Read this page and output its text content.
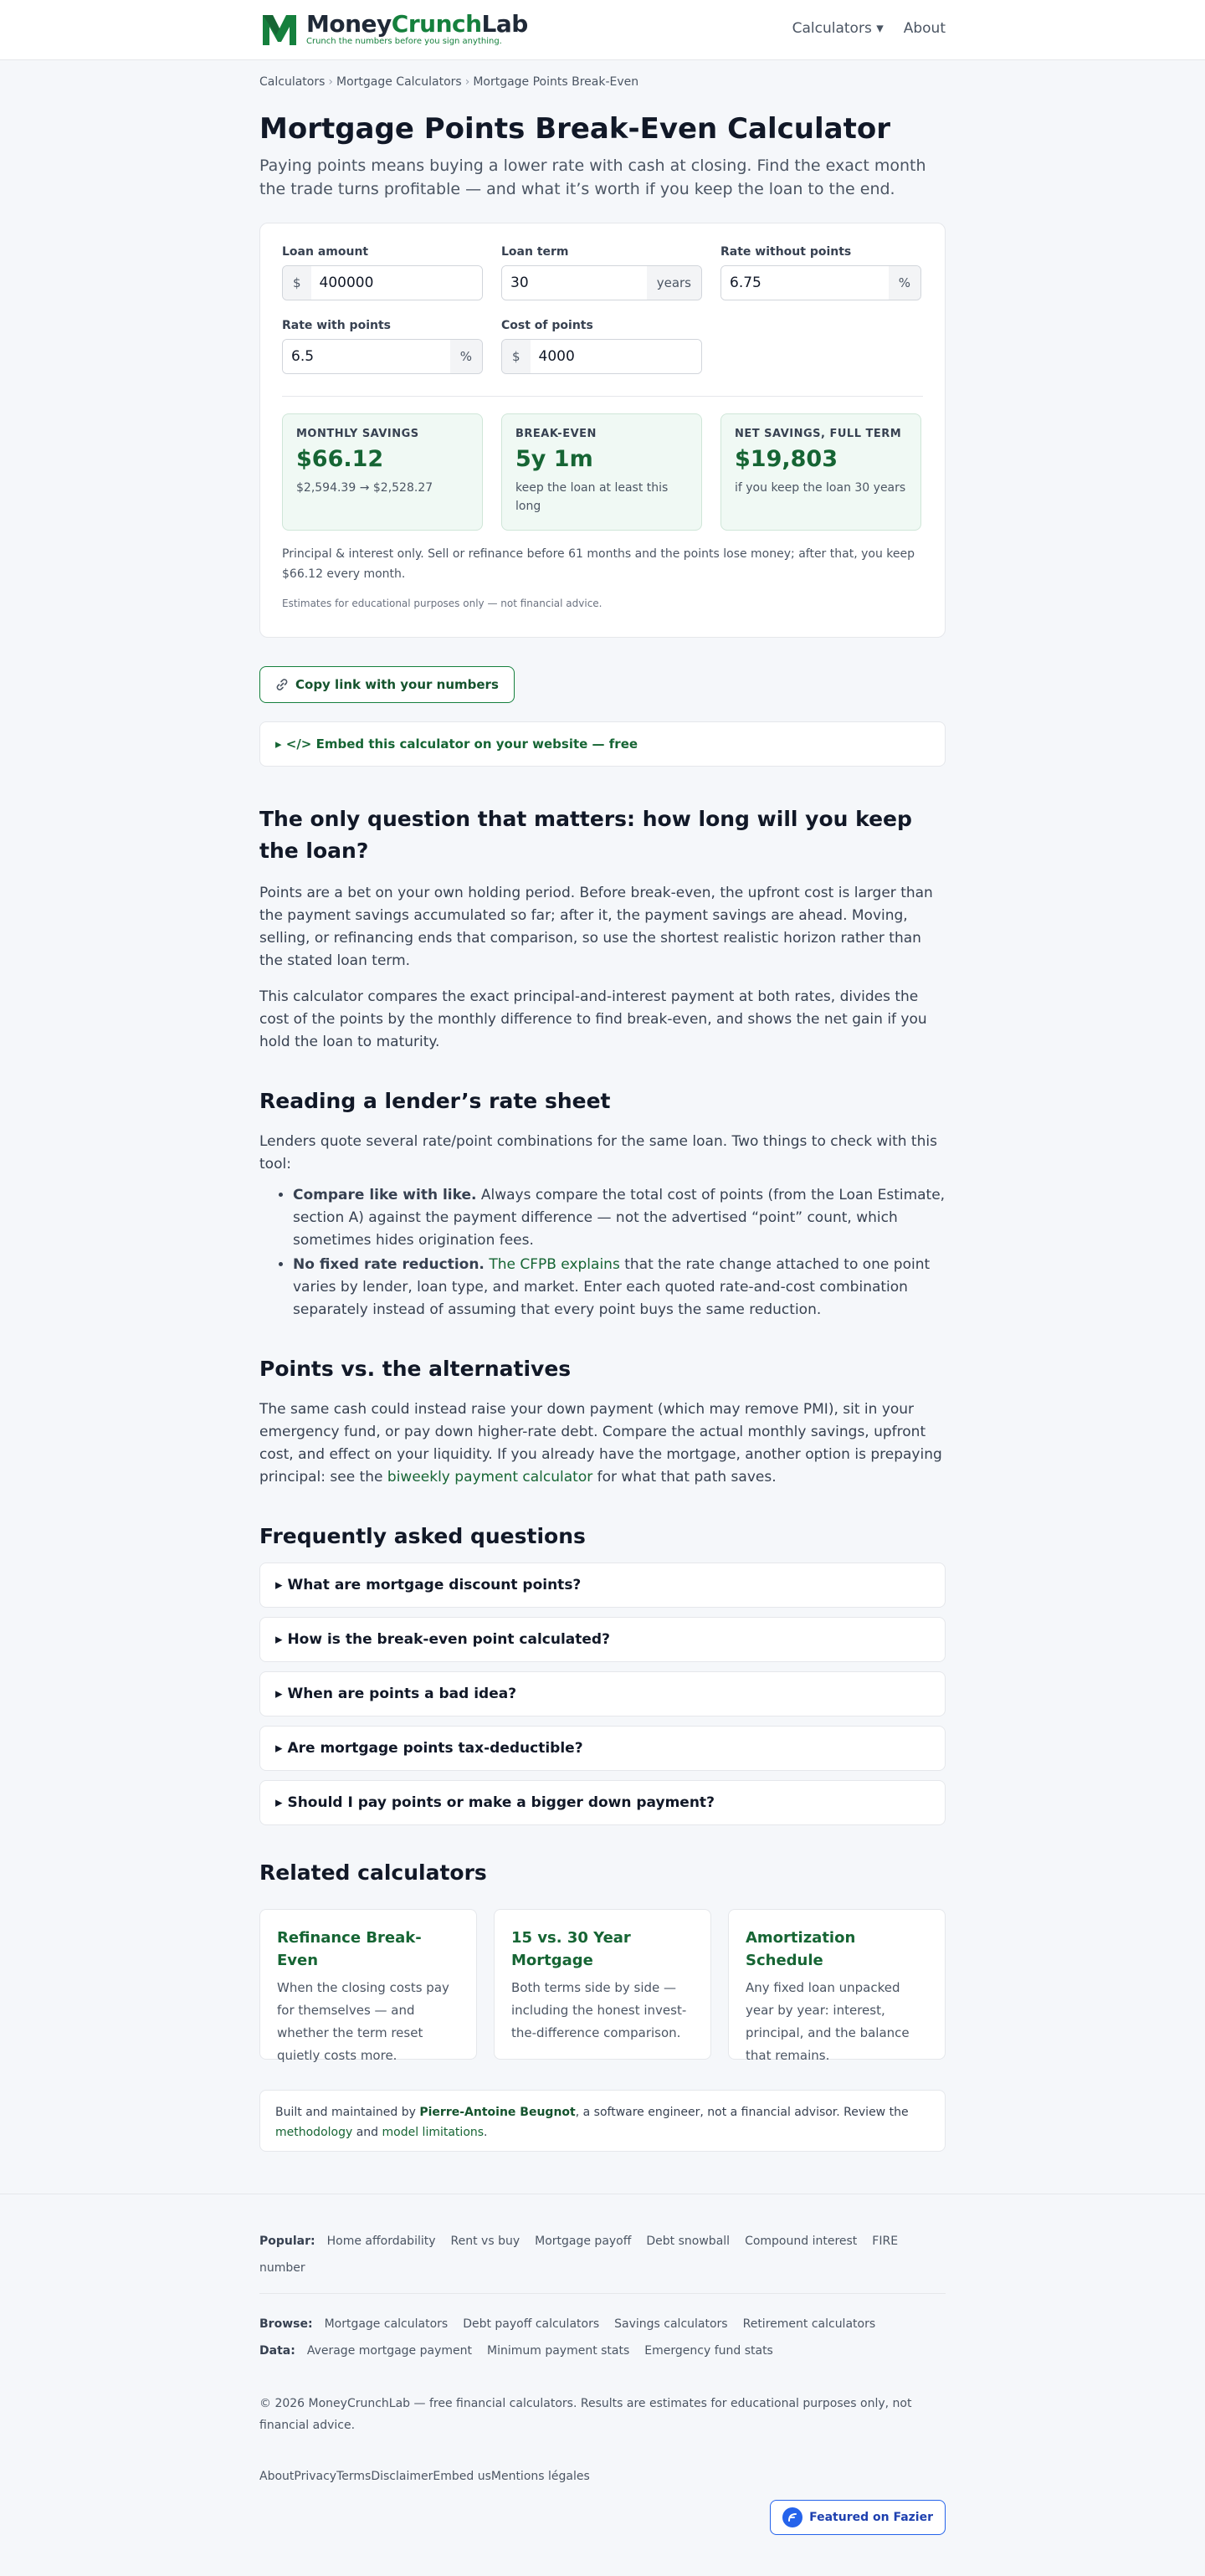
MoneyCrunchLab
Crunch the numbers before you sign anything.
Calculators ▾ About
Calculators › Mortgage Calculators › Mortgage Points Break-Even
Mortgage Points Break-Even Calculator

Paying points means buying a lower rate with cash at closing. Find the exact month the trade turns profitable — and what it’s worth if you keep the loan to the end.

Loan amount
$
400000
Loan term
30
years
Rate without points
6.75
%
Rate with points
6.5
%
Cost of points
$
4000
MONTHLY SAVINGS
$66.12
$2,594.39 → $2,528.27
BREAK-EVEN
5y 1m
keep the loan at least this long
NET SAVINGS, FULL TERM
$19,803
if you keep the loan 30 years

Principal & interest only. Sell or refinance before 61 months and the points lose money; after that, you keep $66.12 every month.

Estimates for educational purposes only — not financial advice.

Copy link with your numbers
▸ </> Embed this calculator on your website — free
The only question that matters: how long will you keep the loan?

Points are a bet on your own holding period. Before break-even, the upfront cost is larger than the payment savings accumulated so far; after it, the payment savings are ahead. Moving, selling, or refinancing ends that comparison, so use the shortest realistic horizon rather than the stated loan term.

This calculator compares the exact principal-and-interest payment at both rates, divides the cost of the points by the monthly difference to find break-even, and shows the net gain if you hold the loan to maturity.

Reading a lender’s rate sheet

Lenders quote several rate/point combinations for the same loan. Two things to check with this tool:

• Compare like with like. Always compare the total cost of points (from the Loan Estimate, section A) against the payment difference — not the advertised “point” count, which sometimes hides origination fees.
• No fixed rate reduction. The CFPB explains that the rate change attached to one point varies by lender, loan type, and market. Enter each quoted rate-and-cost combination separately instead of assuming that every point buys the same reduction.
Points vs. the alternatives

The same cash could instead raise your down payment (which may remove PMI), sit in your emergency fund, or pay down higher-rate debt. Compare the actual monthly savings, upfront cost, and effect on your liquidity. If you already have the mortgage, another option is prepaying principal: see the biweekly payment calculator for what that path saves.

Frequently asked questions
▸ What are mortgage discount points?
▸ How is the break-even point calculated?
▸ When are points a bad idea?
▸ Are mortgage points tax-deductible?
▸ Should I pay points or make a bigger down payment?
Related calculators
Refinance Break-Even
When the closing costs pay for themselves — and whether the term reset quietly costs more.
15 vs. 30 Year Mortgage
Both terms side by side — including the honest invest-the-difference comparison.
Amortization Schedule
Any fixed loan unpacked year by year: interest, principal, and the balance that remains.
Built and maintained by Pierre-Antoine Beugnot, a software engineer, not a financial advisor. Review the methodology and model limitations.
Popular: Home affordability Rent vs buy Mortgage payoff Debt snowball Compound interest FIRE number
Browse: Mortgage calculators Debt payoff calculators Savings calculators Retirement calculators
Data: Average mortgage payment Minimum payment stats Emergency fund stats

© 2026 MoneyCrunchLab — free financial calculators. Results are estimates for educational purposes only, not financial advice.

About Privacy Terms Disclaimer Embed us Mentions légales
Featured on Fazier
